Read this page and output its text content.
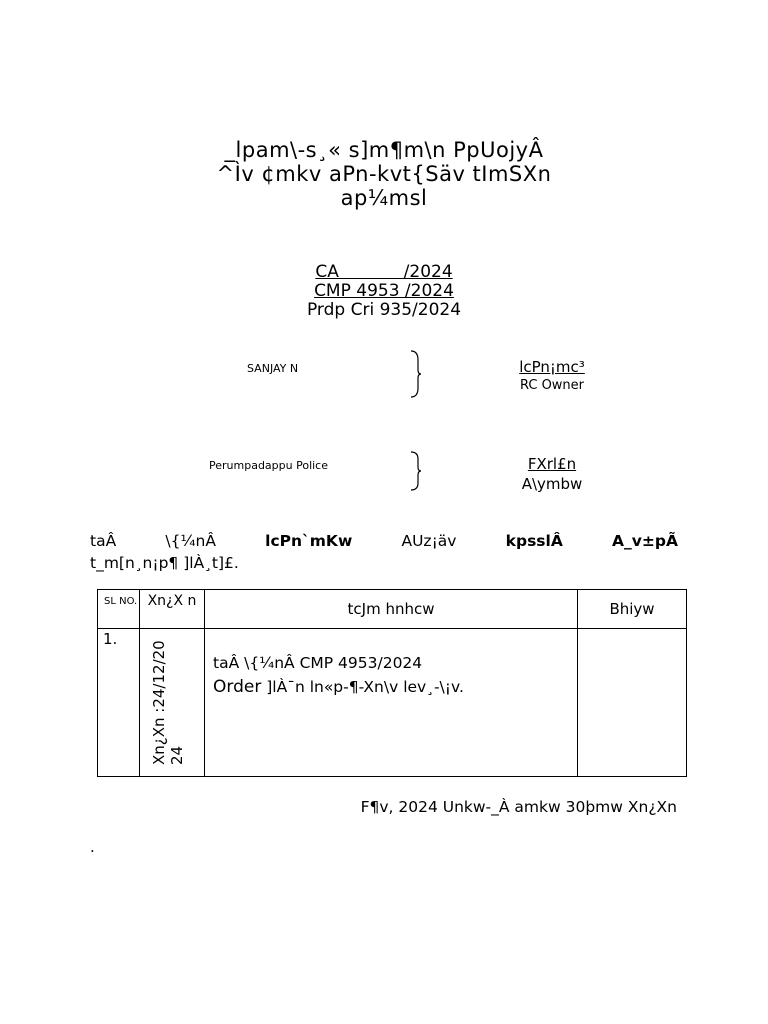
_lpam\-s¸« s]m¶m\n PpUojyÂ
^Ìv ¢mkv aPn-kvt{Säv tImSXn
ap¼msl
CA            /2024
CMP 4953 /2024
Prdp Cri 935/2024
SANJAY N	lcPn¡mc³
RC Owner
Perumpadappu Police	FXrl£n
A\ymbw
taÂ	\{¼nÂ	lcPn`mKw	AUz¡äv	kpsslÂ	A_v±pÃ
t_m[n¸n¡p¶ ]lÀ¸t]£.
SL NO.	Xn¿X n	tcJm hnhcw	Bhiyw
1.	Xn¿Xn :24/12/20 24	taÂ \{¼nÂ CMP 4953/2024
Order ]lÀ¯n ln«p-¶-Xn\v lev¸-\¡v.	

F¶v, 2024 Unkw-_À amkw 30þmw Xn¿Xn
.
